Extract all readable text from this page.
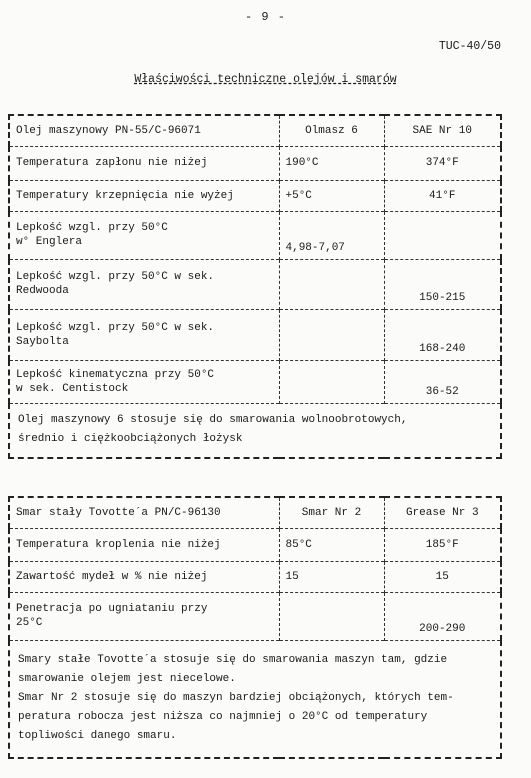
- 9 -
TUC-40/50
Właściwości techniczne olejów i smarów
Olej maszynowy PN-55/C-96071	Olmasz 6	SAE Nr 10
Temperatura zapłonu nie niżej	190°C	374°F
Temperatury krzepnięcia nie wyżej	+5°C	41°F
Lepkość wzgl. przy 50°C
w° Englera	4,98-7,07	
Lepkość wzgl. przy 50°C w sek.
Redwooda		150-215
Lepkość wzgl. przy 50°C w sek.
Saybolta		168-240
Lepkość kinematyczna przy 50°C
w sek. Centistock		36-52
Olej maszynowy 6 stosuje się do smarowania wolnoobrotowych,
średnio i ciężkoobciążonych łożysk		
Smar stały Tovotte´a PN/C-96130	Smar Nr 2	Grease Nr 3
Temperatura kroplenia nie niżej	85°C	185°F
Zawartość mydeł w % nie niżej	15	15
Penetracja po ugniataniu przy
25°C		200-290
Smary stałe Tovotte´a stosuje się do smarowania maszyn tam, gdzie
smarowanie olejem jest niecelowe.
Smar Nr 2 stosuje się do maszyn bardziej obciążonych, których tem-
peratura robocza jest niższa co najmniej o 20°C od temperatury
topliwości danego smaru.		
